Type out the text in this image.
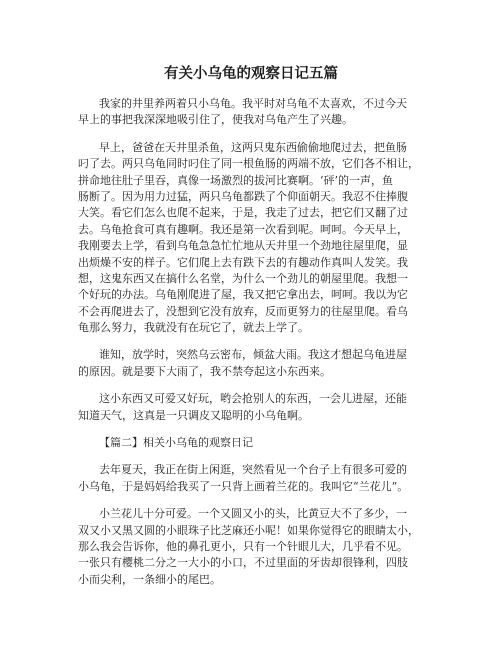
有关小乌龟的观察日记五篇
我家的井里养两着只小乌龟。我平时对乌龟不太喜欢，不过今天
早上的事把我深深地吸引住了，使我对乌龟产生了兴趣。
早上，爸爸在天井里杀鱼，这两只鬼东西偷偷地爬过去，把鱼肠
叼了去。两只乌龟同时叼住了同一根鱼肠的两端不放，它们各不相让，
拼命地往肚子里吞，真像一场激烈的拔河比赛啊。‘砰’的一声，鱼
肠断了。因为用力过猛，两只乌龟都跌了个仰面朝天。我忍不住捧腹
大笑。看它们怎么也爬不起来，于是，我走了过去，把它们又翻了过
去。乌龟抢食可真有趣啊。我还是第一次看到呢。呵呵。今天早上，
我刚要去上学，看到乌龟急急忙忙地从天井里一个劲地往屋里爬，显
出烦燥不安的样子。它们爬上去有跌下去的有趣动作真叫人发笑。我
想，这鬼东西又在搞什么名堂，为什么一个劲儿的朝屋里爬。我想一
个好玩的办法。乌龟刚爬进了屋，我又把它拿出去，呵呵。我以为它
不会再爬进去了，没想到它没有放弃，反而更努力的往屋里爬。看乌
龟那么努力，我就没有在玩它了，就去上学了。
谁知，放学时，突然乌云密布，倾盆大雨。我这才想起乌龟进屋
的原因。就是要下大雨了，我不禁夸起这小东西来。
这小东西又可爱又好玩，哟会抢别人的东西，一会儿进屋，还能
知道天气，这真是一只调皮又聪明的小乌龟啊。
【篇二】相关小乌龟的观察日记
去年夏天，我正在街上闲逛，突然看见一个台子上有很多可爱的
小乌龟，于是妈妈给我买了一只背上画着兰花的。我叫它“兰花儿”。
小兰花儿十分可爱。一个又圆又小的头，比黄豆大不了多少，一
双又小又黑又圆的小眼珠子比芝麻还小呢！如果你觉得它的眼睛太小，
那么我会告诉你，他的鼻孔更小，只有一个针眼儿大，几乎看不见。
一张只有樱桃二分之一大小的小口，不过里面的牙齿却很锋利，四肢
小而尖利，一条细小的尾巴。
